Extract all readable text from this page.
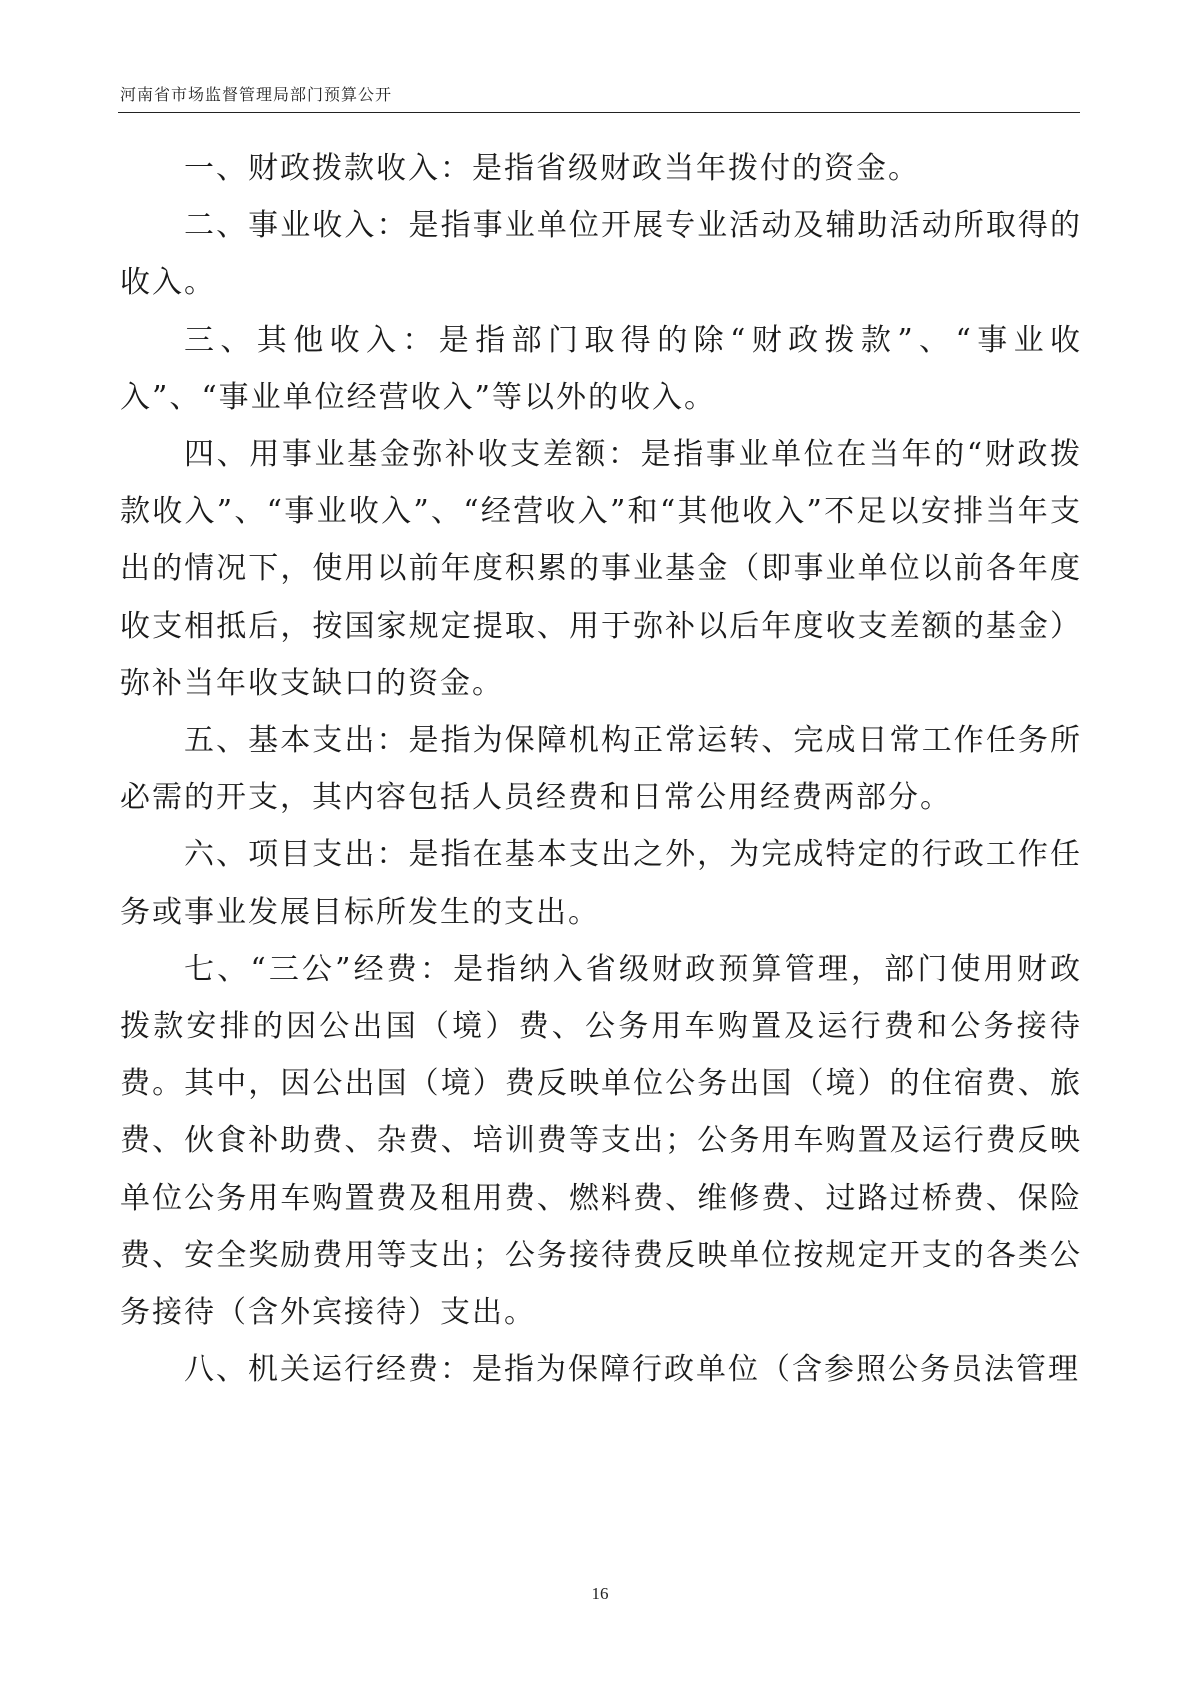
河南省市场监督管理局部门预算公开

一、财政拨款收入：是指省级财政当年拨付的资金。

二、事业收入：是指事业单位开展专业活动及辅助活动所取得的收入。

三、其他收入：是指部门取得的除“财政拨款”、“事业收入”、“事业单位经营收入”等以外的收入。

四、用事业基金弥补收支差额：是指事业单位在当年的“财政拨款收入”、“事业收入”、“经营收入”和“其他收入”不足以安排当年支出的情况下，使用以前年度积累的事业基金（即事业单位以前各年度收支相抵后，按国家规定提取、用于弥补以后年度收支差额的基金）弥补当年收支缺口的资金。

五、基本支出：是指为保障机构正常运转、完成日常工作任务所必需的开支，其内容包括人员经费和日常公用经费两部分。

六、项目支出：是指在基本支出之外，为完成特定的行政工作任务或事业发展目标所发生的支出。

七、“三公”经费：是指纳入省级财政预算管理，部门使用财政拨款安排的因公出国（境）费、公务用车购置及运行费和公务接待费。其中，因公出国（境）费反映单位公务出国（境）的住宿费、旅费、伙食补助费、杂费、培训费等支出；公务用车购置及运行费反映单位公务用车购置费及租用费、燃料费、维修费、过路过桥费、保险费、安全奖励费用等支出；公务接待费反映单位按规定开支的各类公务接待（含外宾接待）支出。

八、机关运行经费：是指为保障行政单位（含参照公务员法管理

16
